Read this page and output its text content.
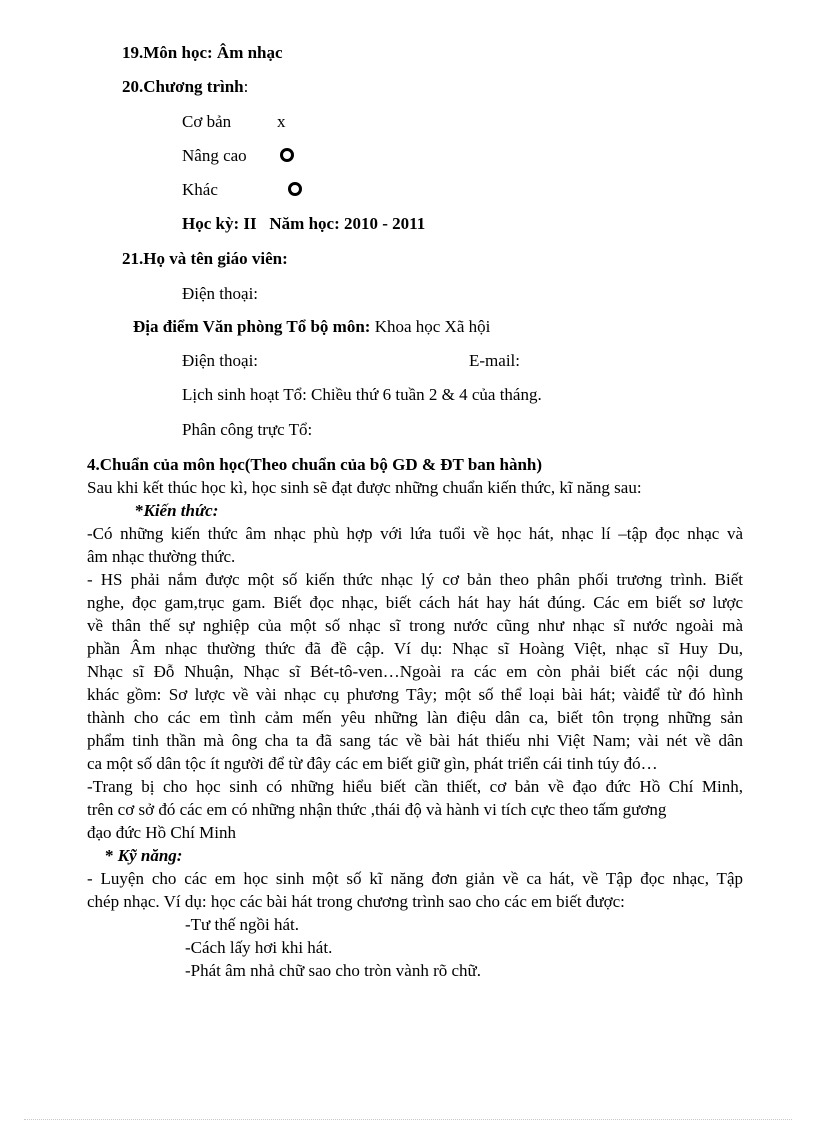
19.Môn học: Âm nhạc
20.Chương trình:
Cơ bản	x
Nâng cao
Khác
Học kỳ: II Năm học: 2010 - 2011
21.Họ và tên giáo viên:
Điện thoại:
Địa điểm Văn phòng Tổ bộ môn: Khoa học Xã hội
Điện thoại:	E-mail:
Lịch sinh hoạt Tổ: Chiều thứ 6 tuần 2 & 4 của tháng.
Phân công trực Tổ:
4.Chuẩn của môn học(Theo chuẩn của bộ GD & ĐT ban hành)
Sau khi kết thúc học kì, học sinh sẽ đạt được những chuẩn kiến thức, kĩ năng sau:
*Kiến thức:
-Có những kiến thức âm nhạc phù hợp với lứa tuổi về học hát, nhạc lí –tập đọc nhạc và
âm nhạc thường thức.
- HS phải nắm được một số kiến thức nhạc lý cơ bản theo phân phối trương trình. Biết
nghe, đọc gam,trục gam. Biết đọc nhạc, biết cách hát hay hát đúng. Các em biết sơ lược
về thân thế sự nghiệp của một số nhạc sĩ trong nước cũng như nhạc sĩ nước ngoài mà
phần Âm nhạc thường thức đã đề cập. Ví dụ: Nhạc sĩ Hoàng Việt, nhạc sĩ Huy Du,
Nhạc sĩ Đỗ Nhuận, Nhạc sĩ Bét-tô-ven…Ngoài ra các em còn phải biết các nội dung
khác gồm: Sơ lược về vài nhạc cụ phương Tây; một số thể loại bài hát; vàiđể từ đó hình
thành cho các em tình cảm mến yêu những làn điệu dân ca, biết tôn trọng những sản
phẩm tinh thần mà ông cha ta đã sang tác về bài hát thiếu nhi Việt Nam; vài nét về dân
ca một số dân tộc ít người để từ đây các em biết giữ gìn, phát triển cái tinh túy đó…
-Trang bị cho học sinh có những hiểu biết cần thiết, cơ bản về đạo đức Hồ Chí Minh,
trên cơ sở đó các em có những nhận thức ,thái độ và hành vi tích cực theo tấm gương
đạo đức Hồ Chí Minh
* Kỹ năng:
- Luyện cho các em học sinh một số kĩ năng đơn giản về ca hát, về Tập đọc nhạc, Tập
chép nhạc. Ví dụ: học các bài hát trong chương trình sao cho các em biết được:
-Tư thế ngồi hát.
-Cách lấy hơi khi hát.
-Phát âm nhả chữ sao cho tròn vành rõ chữ.
